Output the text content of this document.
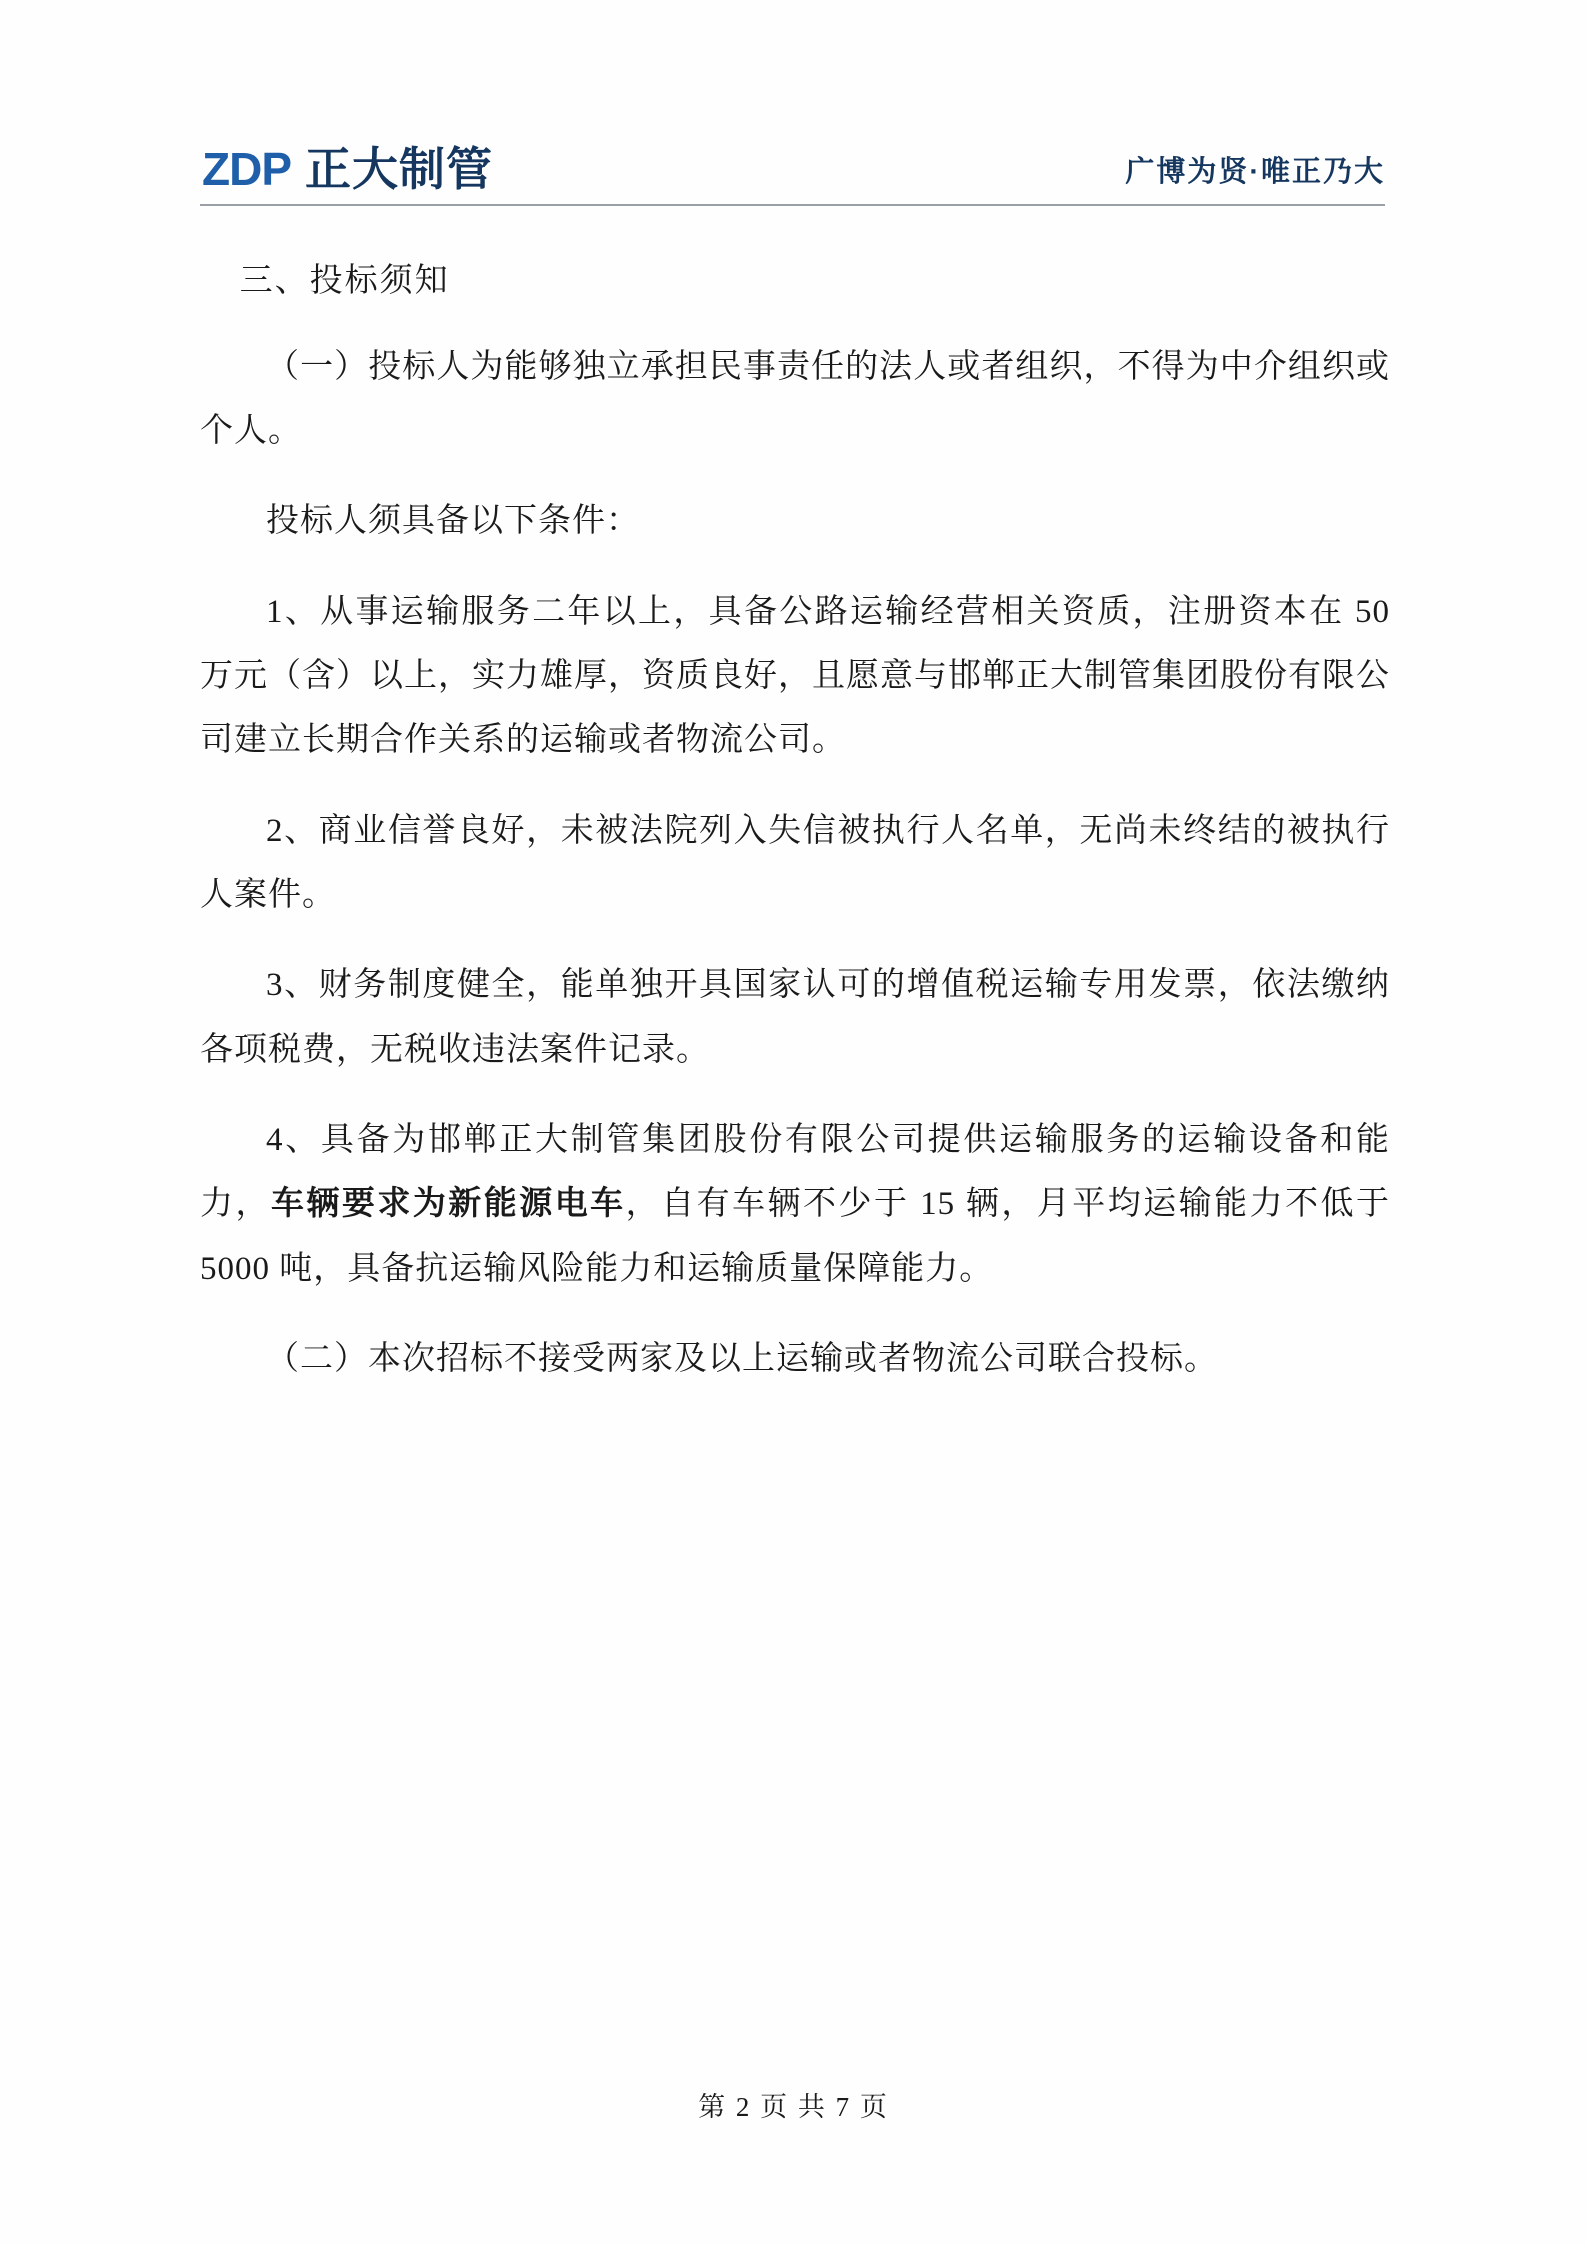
ZDP 正大制管	广博为贤·唯正乃大
三、投标须知

（一）投标人为能够独立承担民事责任的法人或者组织，不得为中介组织或个人。

投标人须具备以下条件：

1、从事运输服务二年以上，具备公路运输经营相关资质，注册资本在 50 万元（含）以上，实力雄厚，资质良好，且愿意与邯郸正大制管集团股份有限公司建立长期合作关系的运输或者物流公司。

2、商业信誉良好，未被法院列入失信被执行人名单，无尚未终结的被执行人案件。

3、财务制度健全，能单独开具国家认可的增值税运输专用发票，依法缴纳各项税费，无税收违法案件记录。

4、具备为邯郸正大制管集团股份有限公司提供运输服务的运输设备和能力，车辆要求为新能源电车，自有车辆不少于 15 辆，月平均运输能力不低于 5000 吨，具备抗运输风险能力和运输质量保障能力。

（二）本次招标不接受两家及以上运输或者物流公司联合投标。

第 2 页 共 7 页
